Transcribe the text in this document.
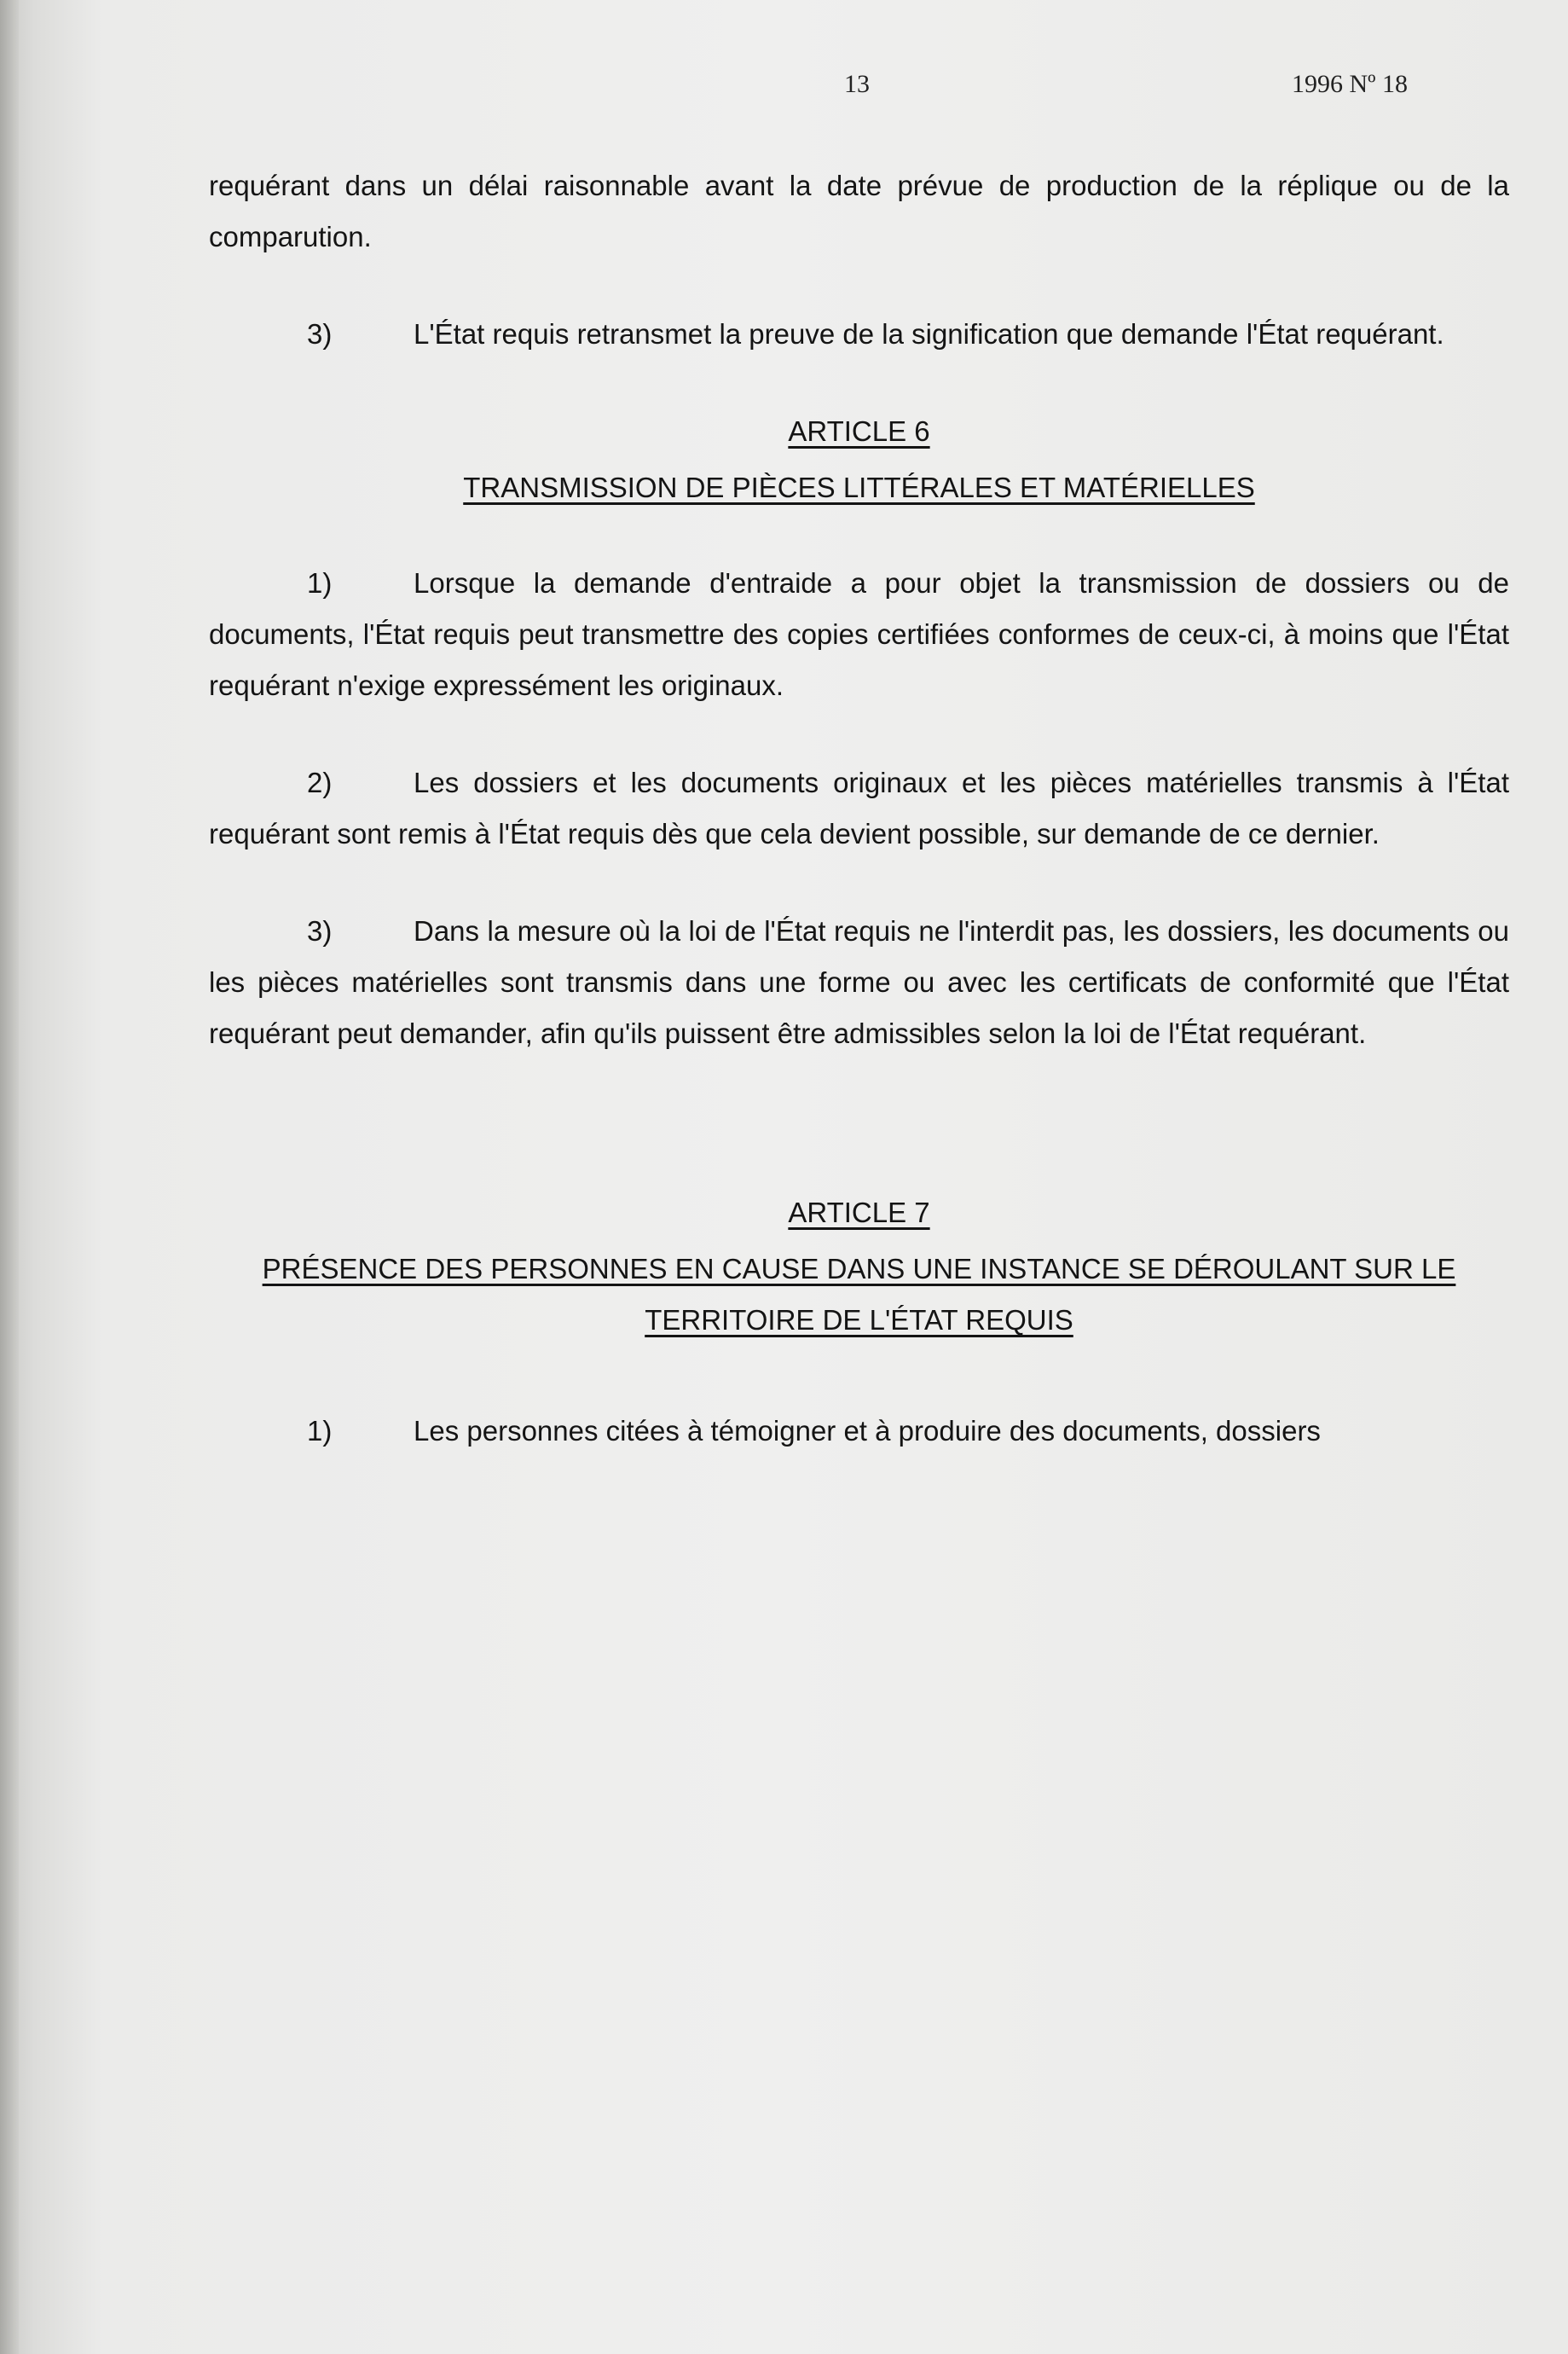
13	1996 Nº 18

requérant dans un délai raisonnable avant la date prévue de production de la réplique ou de la comparution.

3)	L'État requis retransmet la preuve de la signification que demande l'État requérant.

ARTICLE 6

TRANSMISSION DE PIÈCES LITTÉRALES ET MATÉRIELLES

1)	Lorsque la demande d'entraide a pour objet la transmission de dossiers ou de documents, l'État requis peut transmettre des copies certifiées conformes de ceux-ci, à moins que l'État requérant n'exige expressément les originaux.

2)	Les dossiers et les documents originaux et les pièces matérielles transmis à l'État requérant sont remis à l'État requis dès que cela devient possible, sur demande de ce dernier.

3)	Dans la mesure où la loi de l'État requis ne l'interdit pas, les dossiers, les documents ou les pièces matérielles sont transmis dans une forme ou avec les certificats de conformité que l'État requérant peut demander, afin qu'ils puissent être admissibles selon la loi de l'État requérant.

ARTICLE 7

PRÉSENCE DES PERSONNES EN CAUSE DANS UNE INSTANCE SE DÉROULANT SUR LE TERRITOIRE DE L'ÉTAT REQUIS

1)	Les personnes citées à témoigner et à produire des documents, dossiers
